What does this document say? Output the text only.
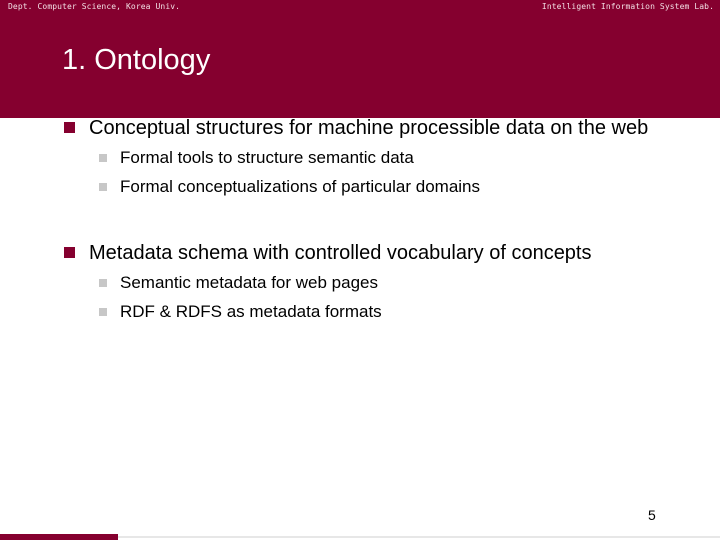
Dept. Computer Science, Korea Univ.	Intelligent Information System Lab.
1. Ontology
Conceptual structures for machine processible data on the web
Formal tools to structure semantic data
Formal conceptualizations of particular domains
Metadata schema with controlled vocabulary of concepts
Semantic metadata for web pages
RDF & RDFS as metadata formats
5
